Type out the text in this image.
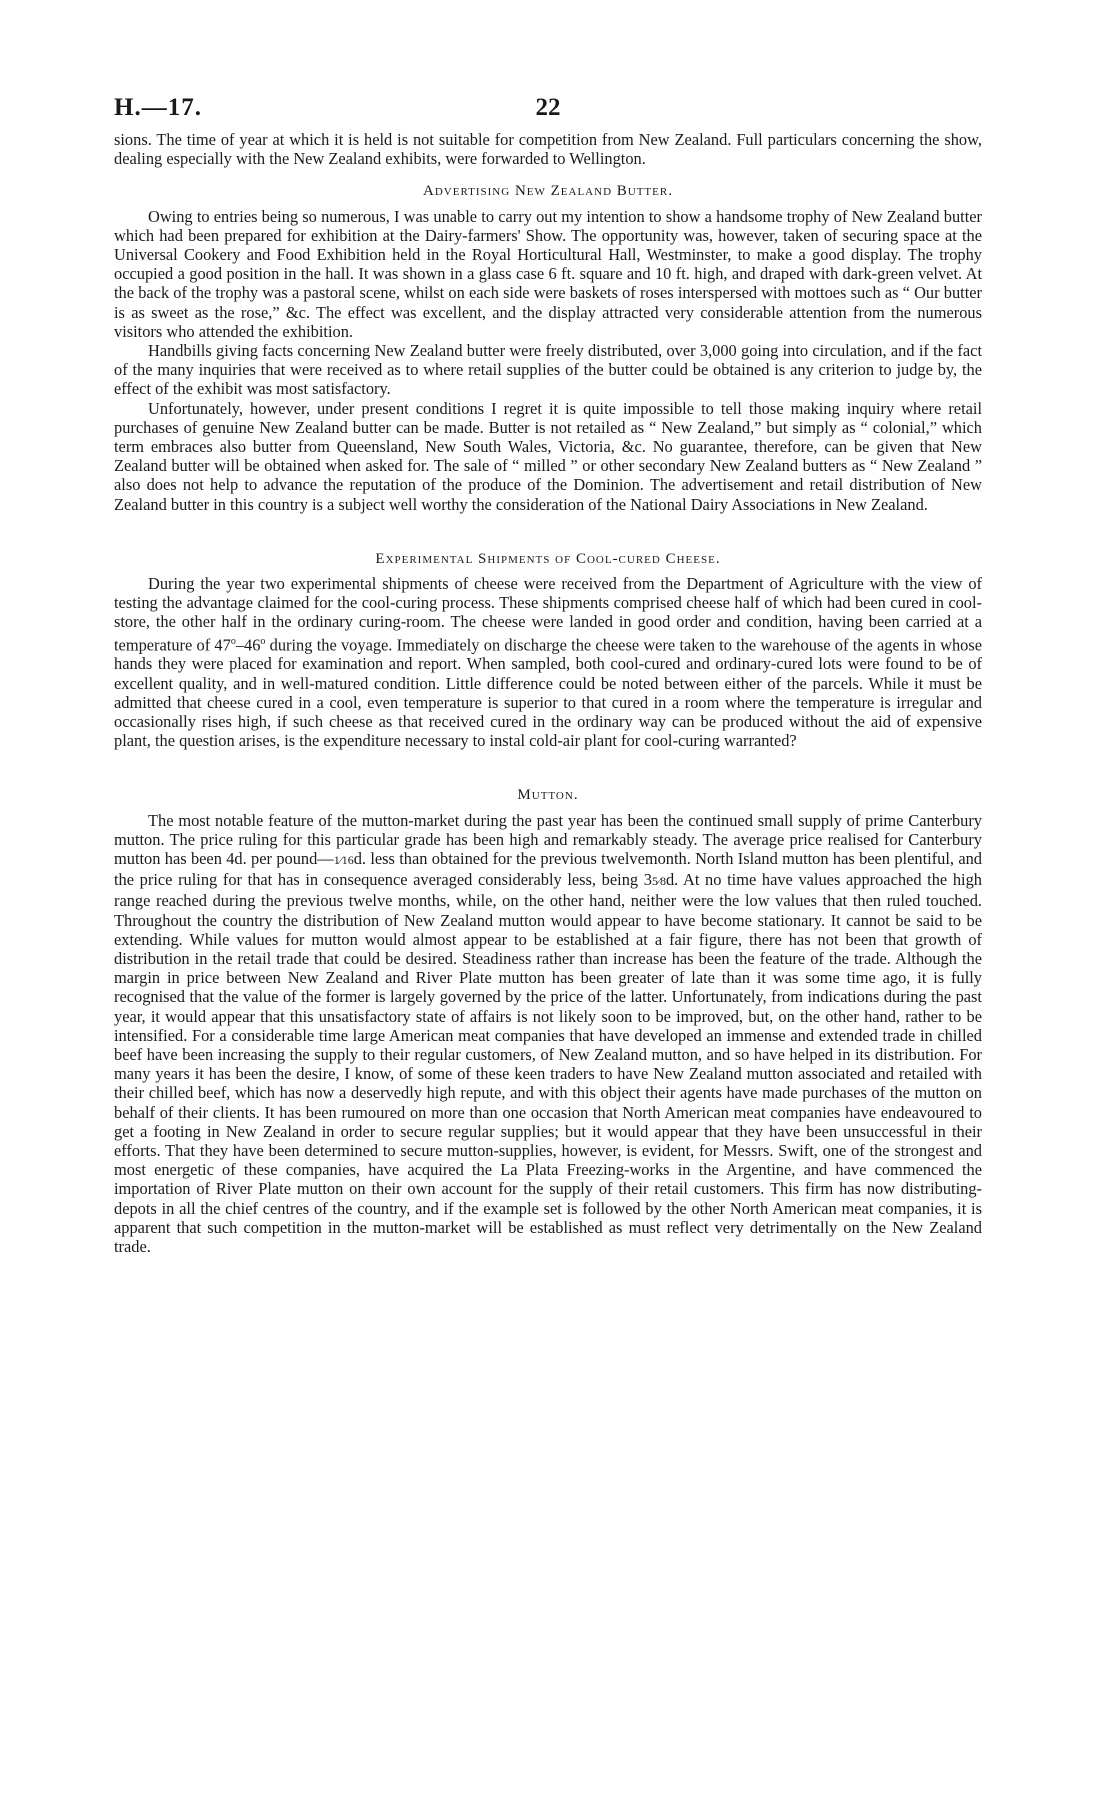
H.—17.	22

sions. The time of year at which it is held is not suitable for competition from New Zealand. Full particulars concerning the show, dealing especially with the New Zealand exhibits, were forwarded to Wellington.

Advertising New Zealand Butter.

Owing to entries being so numerous, I was unable to carry out my intention to show a handsome trophy of New Zealand butter which had been prepared for exhibition at the Dairy-farmers' Show. The opportunity was, however, taken of securing space at the Universal Cookery and Food Exhibition held in the Royal Horticultural Hall, Westminster, to make a good display. The trophy occupied a good position in the hall. It was shown in a glass case 6 ft. square and 10 ft. high, and draped with dark-green velvet. At the back of the trophy was a pastoral scene, whilst on each side were baskets of roses interspersed with mottoes such as “ Our butter is as sweet as the rose,” &c. The effect was excellent, and the display attracted very considerable attention from the numerous visitors who attended the exhibition.

Handbills giving facts concerning New Zealand butter were freely distributed, over 3,000 going into circulation, and if the fact of the many inquiries that were received as to where retail supplies of the butter could be obtained is any criterion to judge by, the effect of the exhibit was most satisfactory.

Unfortunately, however, under present conditions I regret it is quite impossible to tell those making inquiry where retail purchases of genuine New Zealand butter can be made. Butter is not retailed as “ New Zealand,” but simply as “ colonial,” which term embraces also butter from Queensland, New South Wales, Victoria, &c. No guarantee, therefore, can be given that New Zealand butter will be obtained when asked for. The sale of “ milled ” or other secondary New Zealand butters as “ New Zealand ” also does not help to advance the reputation of the produce of the Dominion. The advertisement and retail distribution of New Zealand butter in this country is a subject well worthy the consideration of the National Dairy Associations in New Zealand.

Experimental Shipments of Cool-cured Cheese.

During the year two experimental shipments of cheese were received from the Department of Agriculture with the view of testing the advantage claimed for the cool-curing process. These shipments comprised cheese half of which had been cured in cool-store, the other half in the ordinary curing-room. The cheese were landed in good order and condition, having been carried at a temperature of 47$^o$–46$^o$ during the voyage. Immediately on discharge the cheese were taken to the warehouse of the agents in whose hands they were placed for examination and report. When sampled, both cool-cured and ordinary-cured lots were found to be of excellent quality, and in well-matured condition. Little difference could be noted between either of the parcels. While it must be admitted that cheese cured in a cool, even temperature is superior to that cured in a room where the temperature is irregular and occasionally rises high, if such cheese as that received cured in the ordinary way can be produced without the aid of expensive plant, the question arises, is the expenditure necessary to instal cold-air plant for cool-curing warranted?

Mutton.

The most notable feature of the mutton-market during the past year has been the continued small supply of prime Canterbury mutton. The price ruling for this particular grade has been high and remarkably steady. The average price realised for Canterbury mutton has been 4d. per pound—1⁄16d. less than obtained for the previous twelvemonth. North Island mutton has been plentiful, and the price ruling for that has in consequence averaged considerably less, being 35⁄8d. At no time have values approached the high range reached during the previous twelve months, while, on the other hand, neither were the low values that then ruled touched. Throughout the country the distribution of New Zealand mutton would appear to have become stationary. It cannot be said to be extending. While values for mutton would almost appear to be established at a fair figure, there has not been that growth of distribution in the retail trade that could be desired. Steadiness rather than increase has been the feature of the trade. Although the margin in price between New Zealand and River Plate mutton has been greater of late than it was some time ago, it is fully recognised that the value of the former is largely governed by the price of the latter. Unfortunately, from indications during the past year, it would appear that this unsatisfactory state of affairs is not likely soon to be improved, but, on the other hand, rather to be intensified. For a considerable time large American meat companies that have developed an immense and extended trade in chilled beef have been increasing the supply to their regular customers, of New Zealand mutton, and so have helped in its distribution. For many years it has been the desire, I know, of some of these keen traders to have New Zealand mutton associated and retailed with their chilled beef, which has now a deservedly high repute, and with this object their agents have made purchases of the mutton on behalf of their clients. It has been rumoured on more than one occasion that North American meat companies have endeavoured to get a footing in New Zealand in order to secure regular supplies; but it would appear that they have been unsuccessful in their efforts. That they have been determined to secure mutton-supplies, however, is evident, for Messrs. Swift, one of the strongest and most energetic of these companies, have acquired the La Plata Freezing-works in the Argentine, and have commenced the importation of River Plate mutton on their own account for the supply of their retail customers. This firm has now distributing-depots in all the chief centres of the country, and if the example set is followed by the other North American meat companies, it is apparent that such competition in the mutton-market will be established as must reflect very detrimentally on the New Zealand trade.
